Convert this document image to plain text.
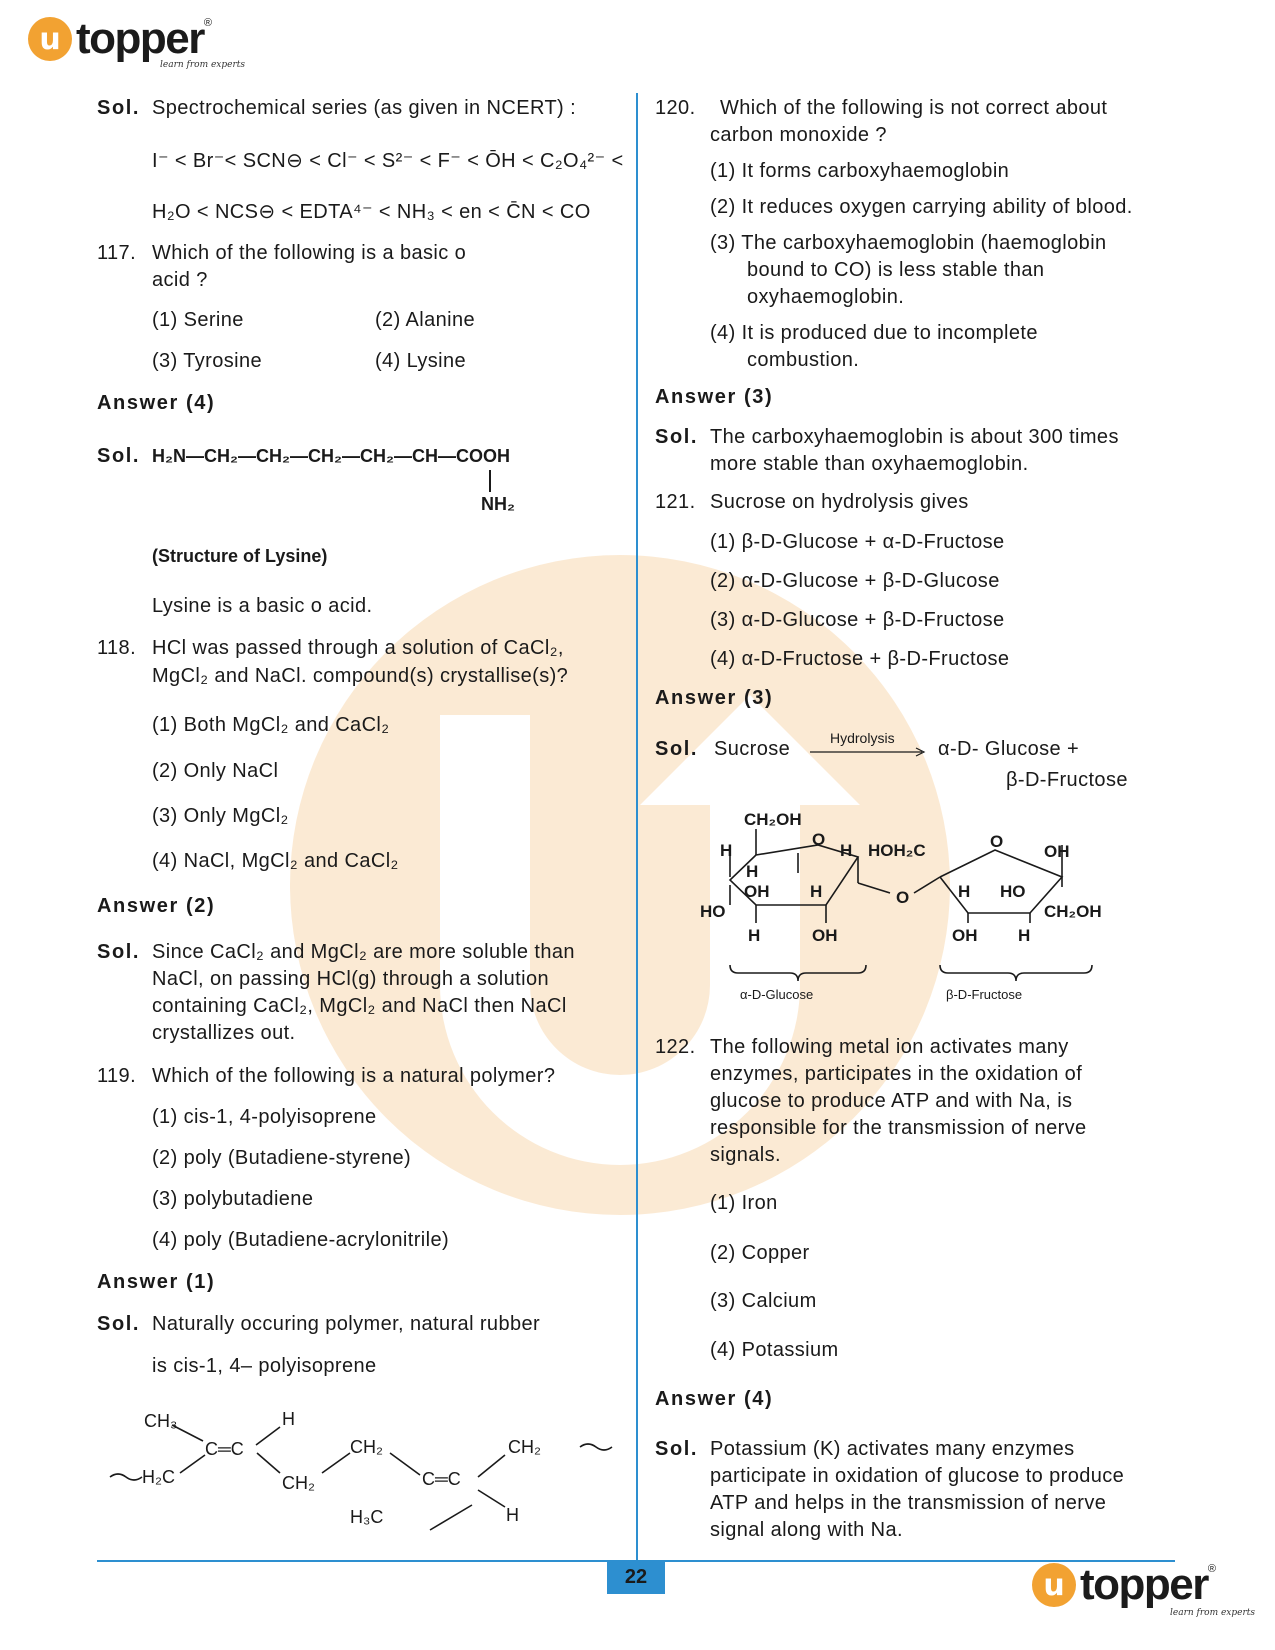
u topper ®
learn from experts
22	u topper ®
learn from experts
Sol. Spectrochemical series (as given in NCERT) :
I⁻ < Br⁻< SCN⊖ < Cl⁻ < S²⁻ < F⁻ < ŌH < C₂O₄²⁻ <
H₂O < NCS⊖ < EDTA⁴⁻ < NH₃ < en < C̄N < CO
117. Which of the following is a basic o
acid ?
(1) Serine	(2) Alanine
(3) Tyrosine	(4) Lysine
Answer (4)
Sol. H₂N—CH₂—CH₂—CH₂—CH₂—CH—COOH
NH₂
(Structure of Lysine)
Lysine is a basic o acid.
118. HCl was passed through a solution of CaCl₂,
MgCl₂ and NaCl. compound(s) crystallise(s)?
(1) Both MgCl₂ and CaCl₂
(2) Only NaCl
(3) Only MgCl₂
(4) NaCl, MgCl₂ and CaCl₂
Answer (2)
Sol. Since CaCl₂ and MgCl₂ are more soluble than
NaCl, on passing HCl(g) through a solution
containing CaCl₂, MgCl₂ and NaCl then NaCl
crystallizes out.
119. Which of the following is a natural polymer?
(1) cis-1, 4-polyisoprene
(2) poly (Butadiene-styrene)
(3) polybutadiene
(4) poly (Butadiene-acrylonitrile)
Answer (1)
Sol. Naturally occuring polymer, natural rubber
is cis-1, 4– polyisoprene
CH₃	H
C═C
H₂C
CH₂
CH₂	C═C
CH₂
H₃C	H
120. Which of the following is not correct about
carbon monoxide ?
(1) It forms carboxyhaemoglobin
(2) It reduces oxygen carrying ability of blood.
(3) The carboxyhaemoglobin (haemoglobin
bound to CO) is less stable than
oxyhaemoglobin.
(4) It is produced due to incomplete
combustion.
Answer (3)
Sol. The carboxyhaemoglobin is about 300 times
more stable than oxyhaemoglobin.
121. Sucrose on hydrolysis gives
(1) β-D-Glucose + α-D-Fructose
(2) α-D-Glucose + β-D-Glucose
(3) α-D-Glucose + β-D-Fructose
(4) α-D-Fructose + β-D-Fructose
Answer (3)
Sol. Sucrose	Hydrolysis α-D- Glucose +
β-D-Fructose
CH₂OH
O
H
H
OH H
H
HO
H	OH
HOH₂C
O
O
OH
H HO
CH₂OH
OH H
α-D-Glucose	β-D-Fructose
122. The following metal ion activates many
enzymes, participates in the oxidation of
glucose to produce ATP and with Na, is
responsible for the transmission of nerve
signals.
(1) Iron
(2) Copper
(3) Calcium
(4) Potassium
Answer (4)
Sol. Potassium (K) activates many enzymes
participate in oxidation of glucose to produce
ATP and helps in the transmission of nerve
signal along with Na.
